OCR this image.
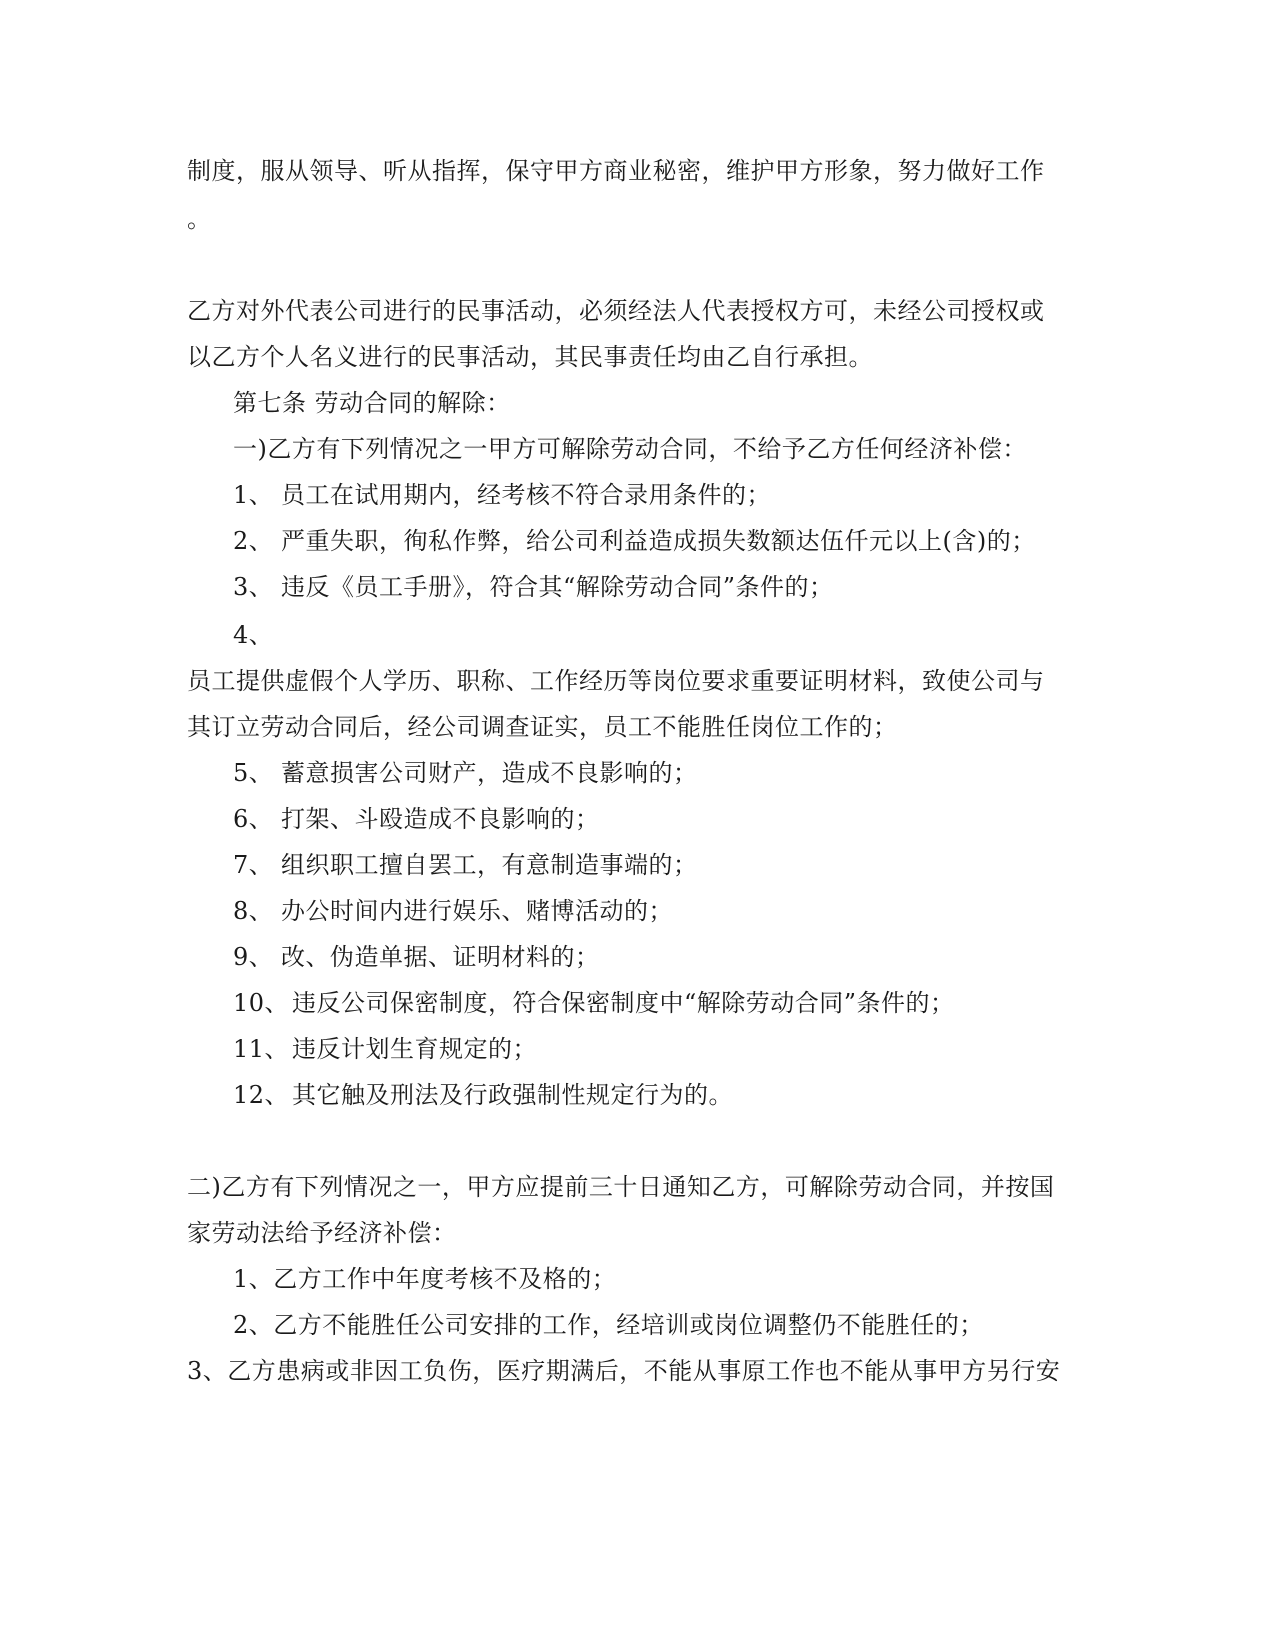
制度，服从领导、听从指挥，保守甲方商业秘密，维护甲方形象，努力做好工作
。
乙方对外代表公司进行的民事活动，必须经法人代表授权方可，未经公司授权或
以乙方个人名义进行的民事活动，其民事责任均由乙自行承担。
第七条 劳动合同的解除：
一)乙方有下列情况之一甲方可解除劳动合同，不给予乙方任何经济补偿：
1、 员工在试用期内，经考核不符合录用条件的；
2、 严重失职，徇私作弊，给公司利益造成损失数额达伍仟元以上(含)的；
3、 违反《员工手册》，符合其“解除劳动合同”条件的；
4、
员工提供虚假个人学历、职称、工作经历等岗位要求重要证明材料，致使公司与
其订立劳动合同后，经公司调查证实，员工不能胜任岗位工作的；
5、 蓄意损害公司财产，造成不良影响的；
6、 打架、斗殴造成不良影响的；
7、 组织职工擅自罢工，有意制造事端的；
8、 办公时间内进行娱乐、赌博活动的；
9、 改、伪造单据、证明材料的；
10、 违反公司保密制度，符合保密制度中“解除劳动合同”条件的；
11、 违反计划生育规定的；
12、 其它触及刑法及行政强制性规定行为的。
二)乙方有下列情况之一，甲方应提前三十日通知乙方，可解除劳动合同，并按国
家劳动法给予经济补偿：
1、乙方工作中年度考核不及格的；
2、乙方不能胜任公司安排的工作，经培训或岗位调整仍不能胜任的；
3、乙方患病或非因工负伤，医疗期满后，不能从事原工作也不能从事甲方另行安
